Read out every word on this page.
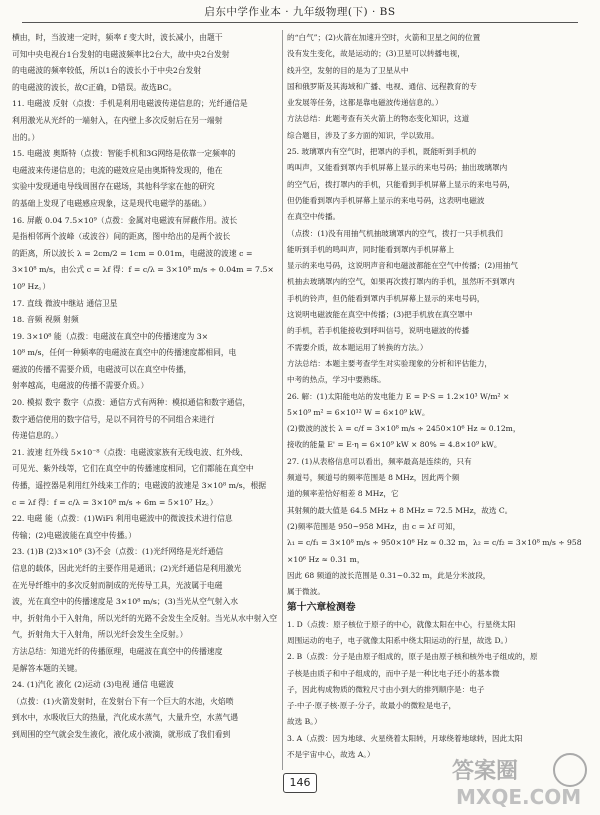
启东中学作业本 · 九年级物理(下) · BS

横由，时，当波速一定时，频率 f 变大时，波长减小，由题干

可知中央电视台1台发射的电磁波频率比2台大，故中央2台发射

的电磁波的频率较低，所以1台的波长小于中央2台发射

的电磁波的波长，故C正确，D错误。故选BC。

11. 电磁波 反射（点拨：手机是利用电磁波传递信息的；光纤通信是

利用激光从光纤的一端射入，在内壁上多次反射后在另一端射

出的。）

15. 电磁波 奥斯特（点拨：智能手机和3G网络是依靠一定频率的

电磁波来传递信息的；电流的磁效应是由奥斯特发现的，他在

实验中发现通电导线周围存在磁场，其他科学家在他的研究

的基础上发现了电磁感应现象，这是现代电磁学的基础。）

16. 屏蔽 0.04 7.5×10⁹（点拨：金属对电磁波有屏蔽作用。波长

是指相邻两个波峰（或波谷）间的距离，图中给出的是两个波长

的距离，所以波长 λ = 2cm/2 = 1cm = 0.01m，电磁波的波速 c =

3×10⁸ m/s，由公式 c = λf 得：f = c/λ = 3×10⁸ m/s ÷ 0.04m = 7.5×

10⁹ Hz。）

17. 直线 微波中继站 通信卫星

18. 音频 视频 射频

19. 3×10⁸ 能（点拨：电磁波在真空中的传播速度为 3×

10⁸ m/s，任何一种频率的电磁波在真空中的传播速度都相同，电

磁波的传播不需要介质，电磁波可以在真空中传播，

射率越高，电磁波的传播不需要介质。）

20. 模拟 数字 数字（点拨：通信方式有两种：模拟通信和数字通信，

数字通信使用的数字信号，是以不同符号的不同组合来进行

传递信息的。）

21. 波速 红外线 5×10⁻⁸（点拨：电磁波家族有无线电波、红外线、

可见光、紫外线等，它们在真空中的传播速度相同，它们都能在真空中

传播，遥控器是利用红外线来工作的；电磁波的波速是 3×10⁸ m/s，根据

c = λf 得：f = c/λ = 3×10⁸ m/s ÷ 6m = 5×10⁷ Hz。）

22. 电磁 能（点拨：(1)WiFi 利用电磁波中的微波技术进行信息

传输；(2)电磁波能在真空中传播。）

23. (1)B (2)3×10⁸ (3)不会（点拨：(1)光纤网络是光纤通信

信息的载体，因此光纤的主要作用是通讯；(2)光纤通信是利用激光

在光导纤维中的多次反射而制成的光传导工具，光波属于电磁

波，光在真空中的传播速度是 3×10⁸ m/s；(3)当光从空气射入水

中，折射角小于入射角，所以光纤的光路不会发生全反射。当光从水中射入空

气，折射角大于入射角，所以光纤会发生全反射。）

方法总结：知道光纤的传播原理，电磁波在真空中的传播速度

是解答本题的关键。

24. (1)汽化 液化 (2)运动 (3)电视 通信 电磁波

（点拨：(1)火箭发射时，在发射台下有一个巨大的水池，火焰喷

到水中，水吸收巨大的热量，汽化成水蒸气，大量升空，水蒸气遇

到周围的空气就会发生液化，液化成小液滴，就形成了我们看到

的“白气”；(2)火箭在加速升空时，火箭和卫星之间的位置

没有发生变化，故是运动的；(3)卫星可以转播电视，

线升空，发射的目的是为了卫星从中

国和俄罗斯及其海域和广播、电视、通信、远程教育的专

业发展等任务，这都是靠电磁波传递信息的。）

方法总结：此题考查有关火箭上的物态变化知识，这道

综合题目，涉及了多方面的知识，学以致用。

25. 玻璃罩内有空气时，把罩内的手机，既能听到手机的

鸣叫声，又能看到罩内手机屏幕上显示的来电号码；抽出玻璃罩内

的空气后，拨打罩内的手机，只能看到手机屏幕上显示的来电号码，

但仍能看到罩内手机屏幕上显示的来电号码，这表明电磁波

在真空中传播。

（点拨：(1)没有用抽气机抽玻璃罩内的空气，拨打一只手机我们

能听到手机的鸣叫声，同时能看到罩内手机屏幕上

显示的来电号码，这说明声音和电磁波都能在空气中传播；(2)用抽气

机抽去玻璃罩内的空气，如果再次拨打罩内的手机，虽然听不到罩内

手机的铃声，但仍能看到罩内手机屏幕上显示的来电号码，

这说明电磁波能在真空中传播；(3)把手机放在真空罩中

的手机，若手机能接收到呼叫信号，说明电磁波的传播

不需要介质，故本题运用了转换的方法。）

方法总结：本题主要考查学生对实验现象的分析和评估能力，

中考的热点，学习中要熟练。

26. 解：(1)太阳能电站的发电能力 E = P·S = 1.2×10³ W/m² ×

5×10⁹ m² = 6×10¹² W = 6×10⁹ kW。

(2)微波的波长 λ = c/f = 3×10⁸ m/s ÷ 2450×10⁶ Hz ≈ 0.12m，

接收的能量 E' = E·η = 6×10⁹ kW × 80% = 4.8×10⁹ kW。

27. (1)从表格信息可以看出，频率最高是连续的，只有

频道号，频道号的频率范围是 8 MHz，因此两个频

道的频率差恰好相差 8 MHz，它

其射频的最大值是 64.5 MHz + 8 MHz = 72.5 MHz，故选 C。

(2)频率范围是 950~958 MHz，由 c = λf 可知，

λ₁ = c/f₁ = 3×10⁸ m/s ÷ 950×10⁶ Hz ≈ 0.32 m，λ₂ = c/f₂ = 3×10⁸ m/s ÷ 958×10⁶ Hz ≈ 0.31 m，

因此 68 频道的波长范围是 0.31~0.32 m，此是分米波段，

属于微波。

第十六章检测卷

1. D（点拨：原子核位于原子的中心，就像太阳在中心，行星绕太阳

周围运动的电子，电子就像太阳系中绕太阳运动的行星，故选 D。）

2. B（点拨：分子是由原子组成的，原子是由原子核和核外电子组成的，原

子核是由质子和中子组成的，而中子是一种比电子还小的基本微

子，因此构成物质的微粒尺寸由小到大的排列顺序是：电子

子·中子·原子核·原子·分子，故最小的微粒是电子，

故选 B。）

3. A（点拨：因为地球、火星绕着太阳转，月球绕着地球转，因此太阳

不是宇宙中心，故选 A。）

146	答案圈
MXQE.COM
